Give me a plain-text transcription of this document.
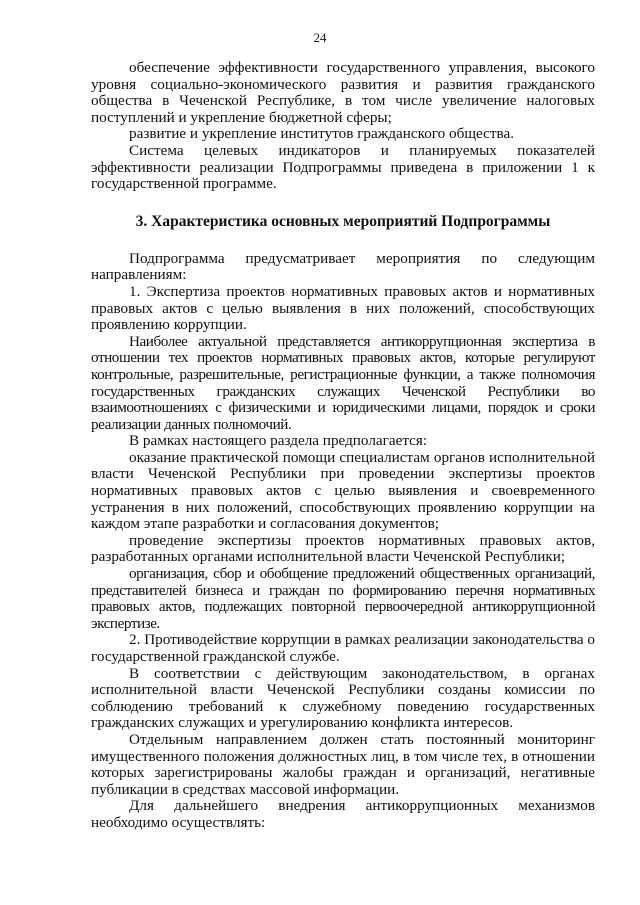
24

обеспечение эффективности государственного управления, высокого уровня социально-экономического развития и развития гражданского общества в Чеченской Республике, в том числе увеличение налоговых поступлений и укрепление бюджетной сферы;

развитие и укрепление институтов гражданского общества.

Система целевых индикаторов и планируемых показателей эффективности реализации Подпрограммы приведена в приложении 1 к государственной программе.

3. Характеристика основных мероприятий Подпрограммы

Подпрограмма предусматривает мероприятия по следующим направлениям:

1. Экспертиза проектов нормативных правовых актов и нормативных правовых актов с целью выявления в них положений, способствующих проявлению коррупции.

Наиболее актуальной представляется антикоррупционная экспертиза в отношении тех проектов нормативных правовых актов, которые регулируют контрольные, разрешительные, регистрационные функции, а также полномочия государственных гражданских служащих Чеченской Республики во взаимоотношениях с физическими и юридическими лицами, порядок и сроки реализации данных полномочий.

В рамках настоящего раздела предполагается:

оказание практической помощи специалистам органов исполнительной власти Чеченской Республики при проведении экспертизы проектов нормативных правовых актов с целью выявления и своевременного устранения в них положений, способствующих проявлению коррупции на каждом этапе разработки и согласования документов;

проведение экспертизы проектов нормативных правовых актов, разработанных органами исполнительной власти Чеченской Республики;

организация, сбор и обобщение предложений общественных организаций, представителей бизнеса и граждан по формированию перечня нормативных правовых актов, подлежащих повторной первоочередной антикоррупционной экспертизе.

2. Противодействие коррупции в рамках реализации законодательства о государственной гражданской службе.

В соответствии с действующим законодательством, в органах исполнительной власти Чеченской Республики созданы комиссии по соблюдению требований к служебному поведению государственных гражданских служащих и урегулированию конфликта интересов.

Отдельным направлением должен стать постоянный мониторинг имущественного положения должностных лиц, в том числе тех, в отношении которых зарегистрированы жалобы граждан и организаций, негативные публикации в средствах массовой информации.

Для дальнейшего внедрения антикоррупционных механизмов необходимо осуществлять:
